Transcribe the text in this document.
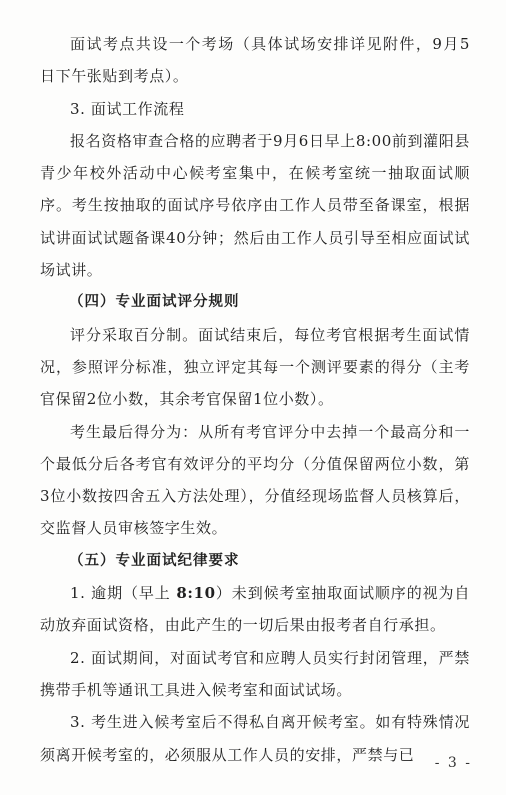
面试考点共设一个考场（具体试场安排详见附件，9月5 日下午张贴到考点）。

3. 面试工作流程

报名资格审查合格的应聘者于9月6日早上8:00前到灌阳县青少年校外活动中心候考室集中，在候考室统一抽取面试顺序。考生按抽取的面试序号依序由工作人员带至备课室，根据试讲面试试题备课40分钟；然后由工作人员引导至相应面试试场试讲。

（四）专业面试评分规则

评分采取百分制。面试结束后，每位考官根据考生面试情况，参照评分标准，独立评定其每一个测评要素的得分（主考官保留2位小数，其余考官保留1位小数）。

考生最后得分为：从所有考官评分中去掉一个最高分和一个最低分后各考官有效评分的平均分（分值保留两位小数，第3位小数按四舍五入方法处理），分值经现场监督人员核算后，交监督人员审核签字生效。

（五）专业面试纪律要求

1. 逾期（早上 8:10）未到候考室抽取面试顺序的视为自动放弃面试资格，由此产生的一切后果由报考者自行承担。

2. 面试期间，对面试考官和应聘人员实行封闭管理，严禁携带手机等通讯工具进入候考室和面试试场。

3. 考生进入候考室后不得私自离开候考室。如有特殊情况须离开候考室的，必须服从工作人员的安排，严禁与已	- 3 -
